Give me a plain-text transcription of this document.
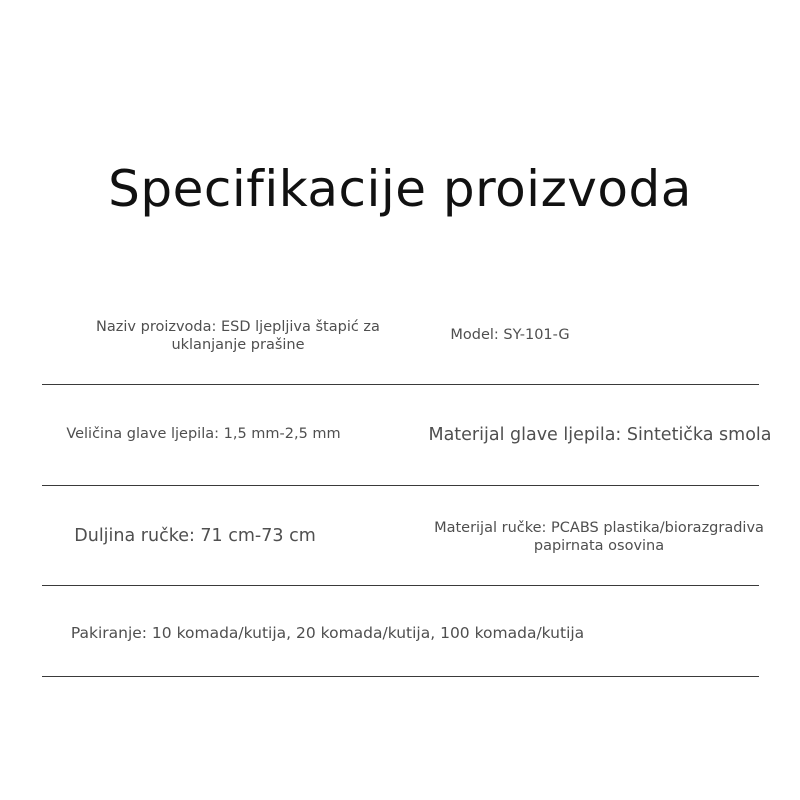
Specifikacije proizvoda
Naziv proizvoda: ESD ljepljiva štapić za uklanjanje prašine
Model: SY-101-G
Veličina glave ljepila: 1,5 mm-2,5 mm	Materijal glave ljepila: Sintetička smola
Duljina ručke: 71 cm-73 cm	Materijal ručke: PCABS plastika/biorazgradiva papirnata osovina
Pakiranje: 10 komada/kutija, 20 komada/kutija, 100 komada/kutija
